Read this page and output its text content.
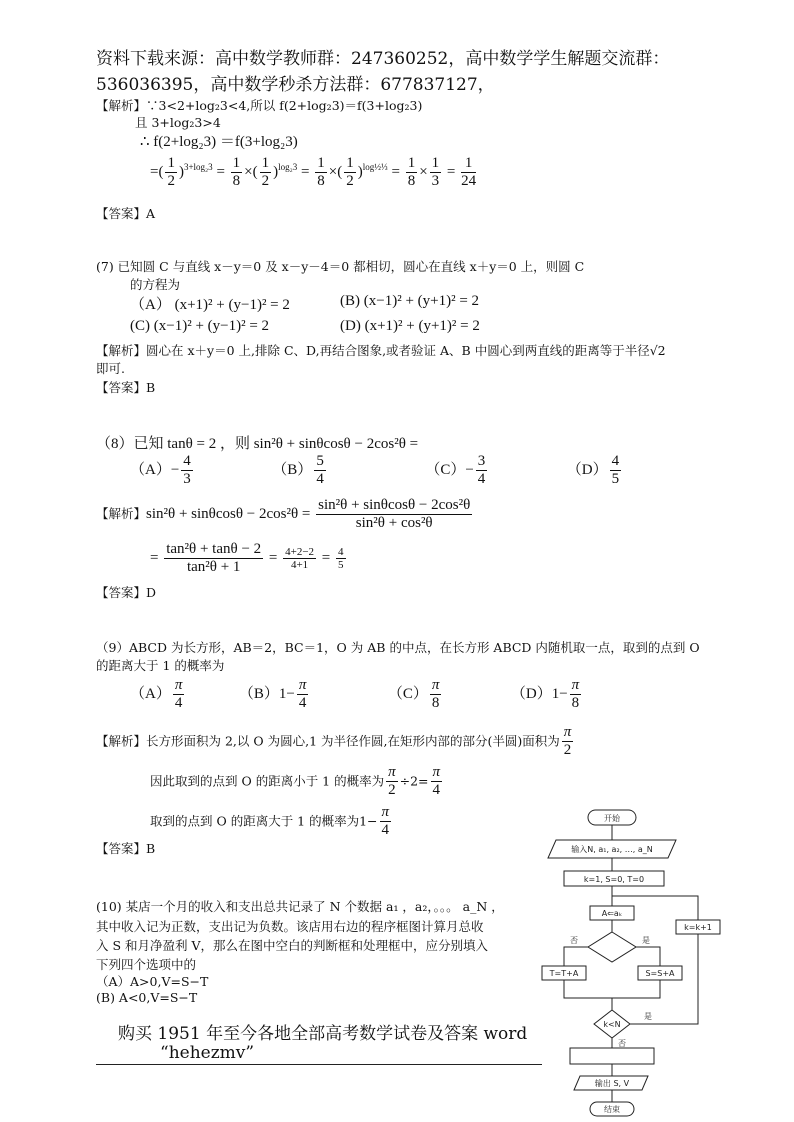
资料下载来源：高中数学教师群：247360252，高中数学学生解题交流群：
536036395，高中数学秒杀方法群：677837127，
【解析】∵3<2+log₂3<4,所以 f(2+log₂3)＝f(3+log₂3)
且 3+log₂3>4
∴ f(2+log₂3) ＝f(3+log₂3)
=( $\frac{1}{2} )^{3+log_23} = \frac{1}{8}$ ×( $\frac{1}{2} )^{log_23} = \frac{1}{8}$ ×( $\frac{1}{2} )^{log\frac{1}{2}\frac{1}{3}} = \frac{1}{8} \times \frac{1}{3} = \frac{1}{24}$
【答案】A
(7) 已知圆 C 与直线 x－y＝0 及 x－y－4＝0 都相切，圆心在直线 x＋y＝0 上，则圆 C
的方程为
（A） (x+1)² + (y−1)² = 2	(B) (x−1)² + (y+1)² = 2
(C) (x−1)² + (y−1)² = 2	(D) (x+1)² + (y+1)² = 2
【解析】圆心在 x＋y＝0 上,排除 C、D,再结合图象,或者验证 A、B 中圆心到两直线的距离等于半径√2
即可.
【答案】B
（8）已知 tanθ = 2 ，则 sin²θ + sinθcosθ − 2cos²θ =
$(A)- \frac{4}{3}$	$(B) \frac{5}{4}$	$(C)- \frac{3}{4}$	$(D) \frac{4}{5}$
【解析】$\sin^2\theta + \sin\theta\cos\theta - 2\cos^2\theta = \frac{\text{sin²θ + sinθcosθ − 2cos²θ}}{\text{sin²θ + cos²θ}}$
= $\frac{\text{tan²θ + tanθ − 2}}{\text{tan²θ + 1}} = \frac{4+2-2}{4+1} = \frac{4}{5}$
【答案】D
（9）ABCD 为长方形，AB＝2，BC＝1，O 为 AB 的中点，在长方形 ABCD 内随机取一点，取到的点到 O
的距离大于 1 的概率为
$(A) \frac{\pi}{4}$	$(B)1- \frac{\pi}{4}$	$(C) \frac{\pi}{8}$	$(D)1- \frac{\pi}{8}$
【解析】长方形面积为 2,以 O 为圆心,1 为半径作圆,在矩形内部的部分(半圆)面积为 $\frac{\pi}{2}$
因此取到的点到 O 的距离小于 1 的概率为 $\frac{\pi}{2} \div 2= \frac{\pi}{4}$
取到的点到 O 的距离大于 1 的概率为$1- \frac{\pi}{4}$
【答案】B
(10) 某店一个月的收入和支出总共记录了 N 个数据 a₁ ，a₂，。。。 a_N ，
其中收入记为正数，支出记为负数。该店用右边的程序框图计算月总收
入 S 和月净盈利 V，那么在图中空白的判断框和处理框中，应分别填入
下列四个选项中的
（A）A>0,V=S−T
(B) A<0,V=S−T
购买 1951 年至今各地全部高考数学试卷及答案 word
“hehezmv”
开始
输入N, a₁, a₂, …, a_N
k=1, S=0, T=0
A⇐aₖ
否	是
T=T+A	S=S+A
k=k+1
k<N
是
否
输出 S, V
结束
